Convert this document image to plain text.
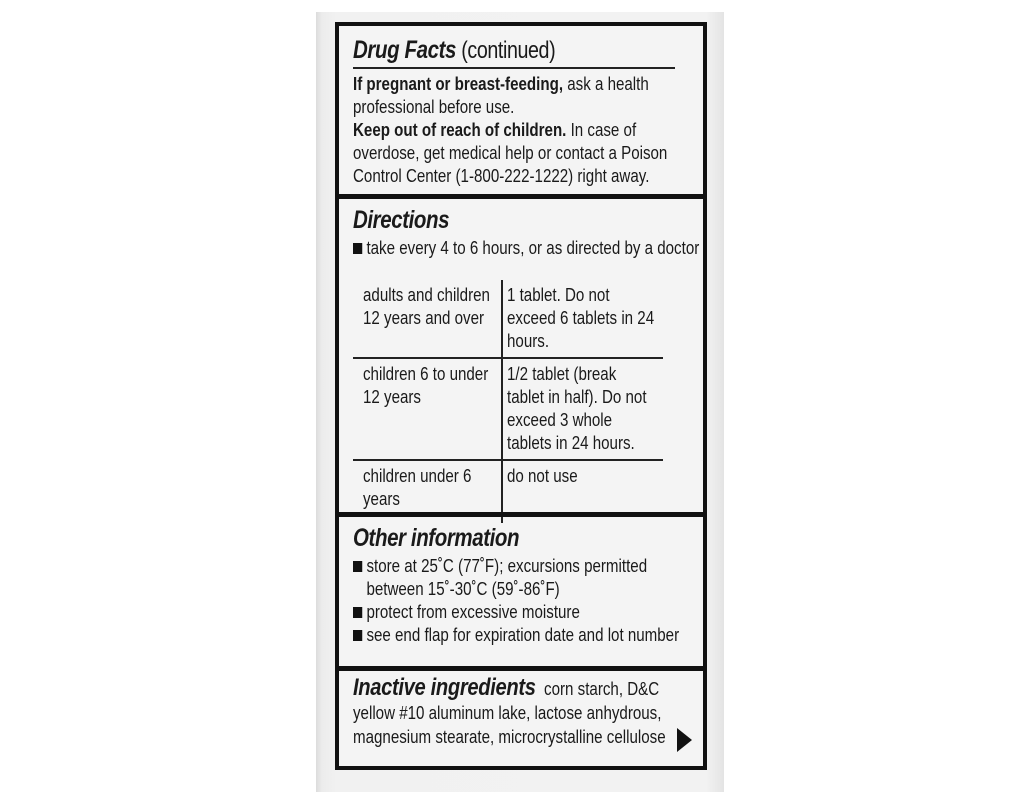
Drug Facts (continued)
If pregnant or breast-feeding, ask a health professional before use.
Keep out of reach of children. In case of overdose, get medical help or contact a Poison Control Center (1-800-222-1222) right away.
Directions
take every 4 to 6 hours, or as directed by a doctor
adults and children 12 years and over	1 tablet. Do not exceed 6 tablets in 24 hours.

children 6 to under 12 years	1/2 tablet (break tablet in half). Do not exceed 3 whole tablets in 24 hours.

children under 6 years	do not use
Other information
store at 25˚C (77˚F); excursions permitted between 15˚-30˚C (59˚-86˚F)
protect from excessive moisture
see end flap for expiration date and lot number
Inactive ingredients corn starch, D&C yellow #10 aluminum lake, lactose anhydrous, magnesium stearate, microcrystalline cellulose
